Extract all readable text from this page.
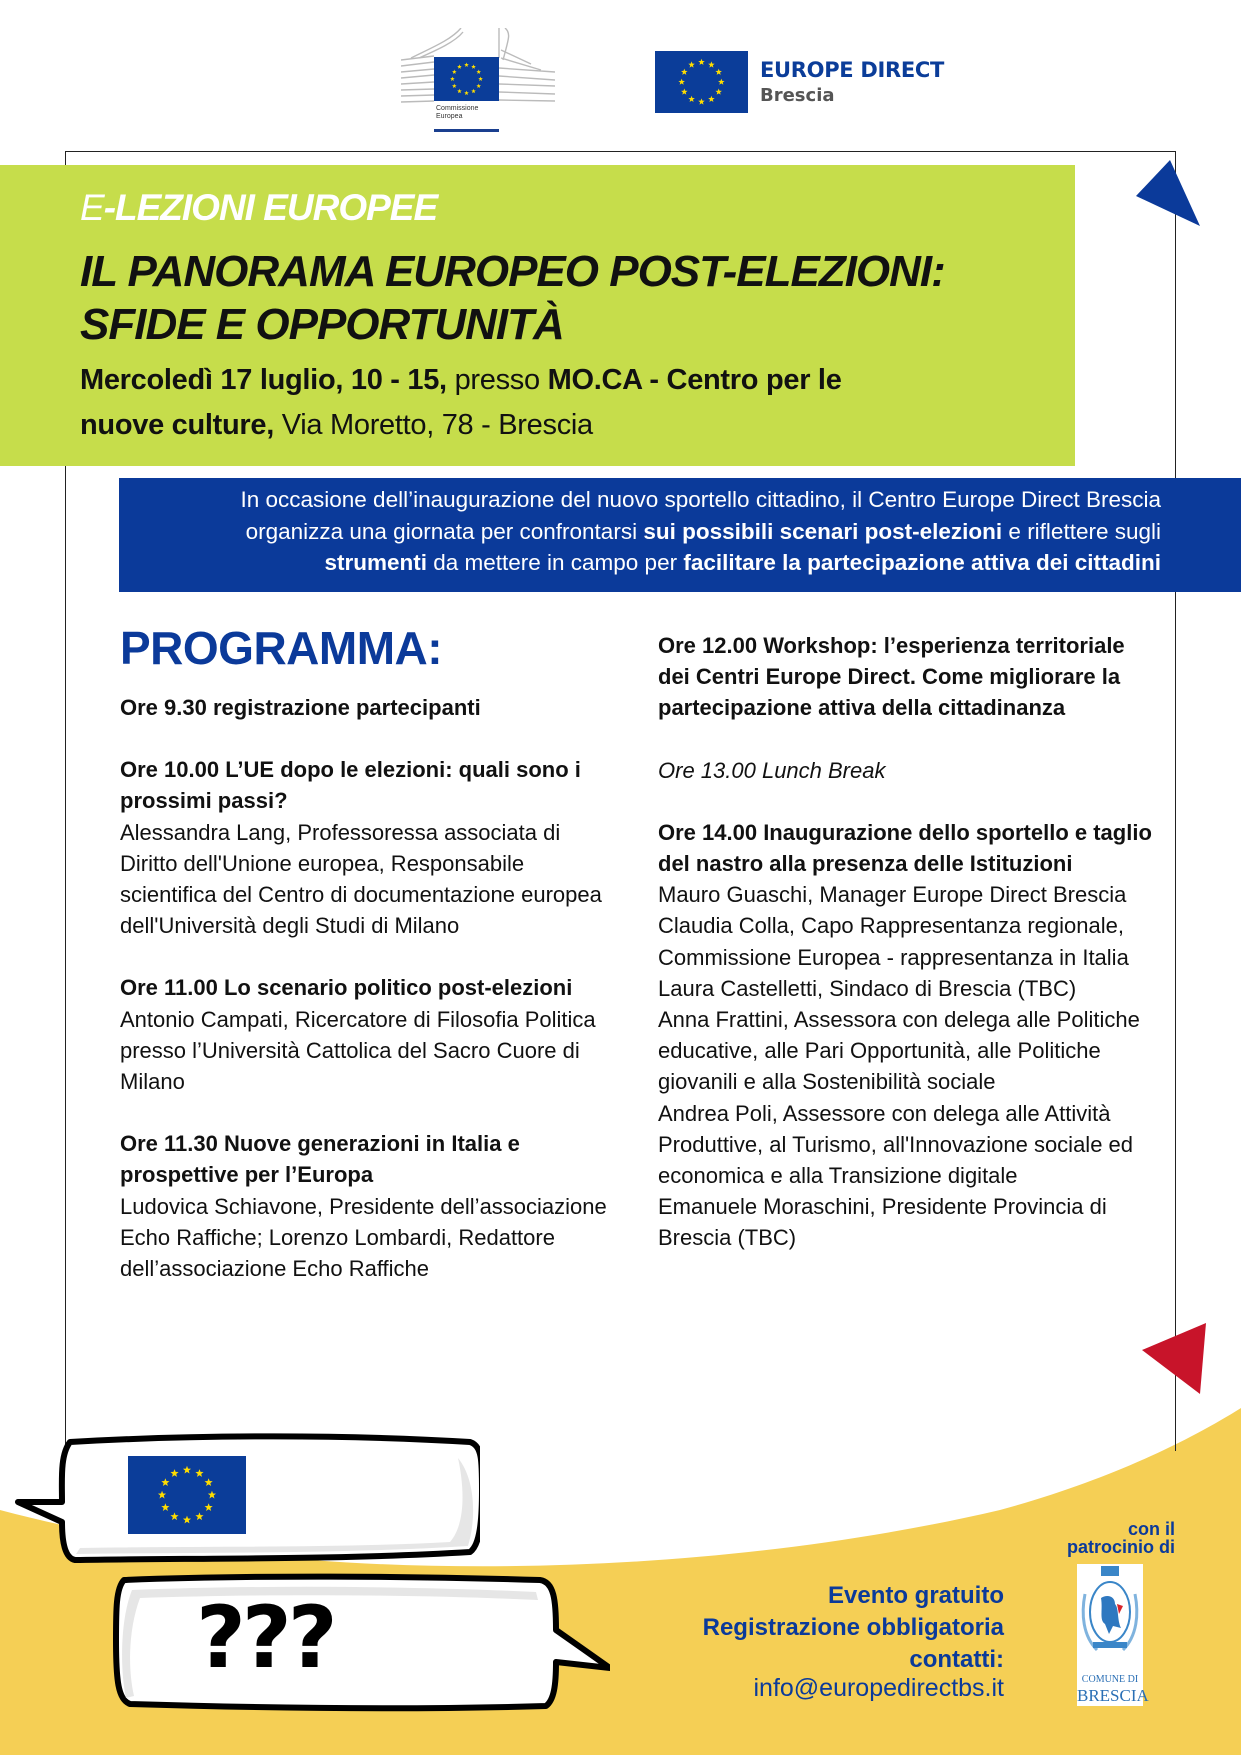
Commissione
Europea
EUROPE DIRECT
Brescia
E-LEZIONI EUROPEE
IL PANORAMA EUROPEO POST-ELEZIONI:
SFIDE E OPPORTUNITÀ
Mercoledì 17 luglio, 10 - 15, presso MO.CA - Centro per le
nuove culture, Via Moretto, 78 - Brescia
In occasione dell’inaugurazione del nuovo sportello cittadino, il Centro Europe Direct Brescia
organizza una giornata per confrontarsi sui possibili scenari post-elezioni e riflettere sugli
strumenti da mettere in campo per facilitare la partecipazione attiva dei cittadini
PROGRAMMA:
Ore 9.30 registrazione partecipanti
Ore 10.00 L’UE dopo le elezioni: quali sono i prossimi passi?
Alessandra Lang, Professoressa associata di Diritto dell'Unione europea, Responsabile scientifica del Centro di documentazione europea dell'Università degli Studi di Milano
Ore 11.00 Lo scenario politico post-elezioni
Antonio Campati, Ricercatore di Filosofia Politica presso l’Università Cattolica del Sacro Cuore di Milano
Ore 11.30 Nuove generazioni in Italia e prospettive per l’Europa
Ludovica Schiavone, Presidente dell’associazione Echo Raffiche; Lorenzo Lombardi, Redattore dell’associazione Echo Raffiche
Ore 12.00 Workshop: l’esperienza territoriale dei Centri Europe Direct. Come migliorare la partecipazione attiva della cittadinanza
Ore 13.00 Lunch Break
Ore 14.00 Inaugurazione dello sportello e taglio del nastro alla presenza delle Istituzioni
Mauro Guaschi, Manager Europe Direct Brescia
Claudia Colla, Capo Rappresentanza regionale, Commissione Europea - rappresentanza in Italia
Laura Castelletti, Sindaco di Brescia (TBC)
Anna Frattini, Assessora con delega alle Politiche educative, alle Pari Opportunità, alle Politiche giovanili e alla Sostenibilità sociale
Andrea Poli, Assessore con delega alle Attività Produttive, al Turismo, all'Innovazione sociale ed economica e alla Transizione digitale
Emanuele Moraschini, Presidente Provincia di Brescia (TBC)
???	Evento gratuito
Registrazione obbligatoria
contatti:
info@europedirectbs.it
con il
patrocinio di
COMUNE DI
BRESCIA
